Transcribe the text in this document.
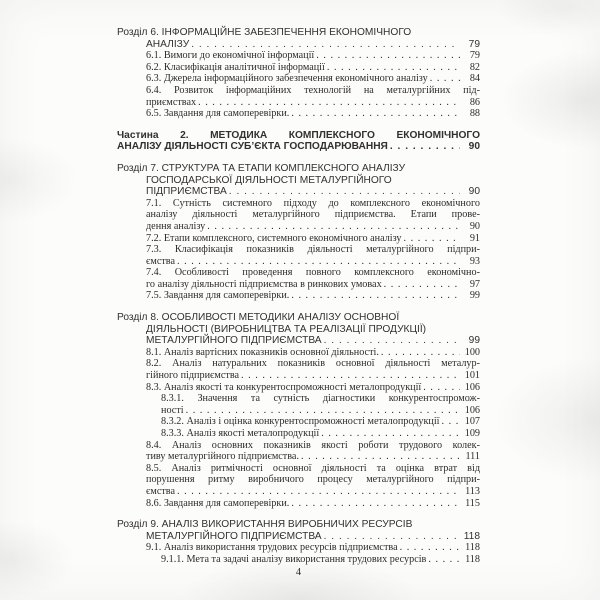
Розділ 6. ІНФОРМАЦІЙНЕ ЗАБЕЗПЕЧЕННЯ ЕКОНОМІЧНОГО
АНАЛІЗУ . . .	79
6.1. Вимоги до економічної інформації . . .	79
6.2. Класифікація аналітичної інформації . . .	82
6.3. Джерела інформаційного забезпечення економічного аналізу . . .	84
6.4. Розвиток інформаційних технологій на металургійних під-
приємствах . . .	86
6.5. Завдання для самоперевірки. . . .	88
Частина 2. МЕТОДИКА КОМПЛЕКСНОГО ЕКОНОМІЧНОГО
АНАЛІЗУ ДІЯЛЬНОСТІ СУБ’ЄКТА ГОСПОДАРЮВАННЯ . . .	90
Розділ 7. СТРУКТУРА ТА ЕТАПИ КОМПЛЕКСНОГО АНАЛІЗУ
ГОСПОДАРСЬКОЇ ДІЯЛЬНОСТІ МЕТАЛУРГІЙНОГО
ПІДПРИЄМСТВА . . .	90
7.1. Сутність системного підходу до комплексного економічного
аналізу діяльності металургійного підприємства. Етапи прове-
дення аналізу . . .	90
7.2. Етапи комплексного, системного економічного аналізу . . .	91
7.3. Класифікація показників діяльності металургійного підпри-
ємства . . .	93
7.4. Особливості проведення повного комплексного економічно-
го аналізу діяльності підприємства в ринкових умовах . . .	97
7.5. Завдання для самоперевірки. . . .	99
Розділ 8. ОСОБЛИВОСТІ МЕТОДИКИ АНАЛІЗУ ОСНОВНОЇ
ДІЯЛЬНОСТІ (ВИРОБНИЦТВА ТА РЕАЛІЗАЦІЇ ПРОДУКЦІЇ)
МЕТАЛУРГІЙНОГО ПІДПРИЄМСТВА . . .	99
8.1. Аналіз вартісних показників основної діяльності. . . .	100
8.2. Аналіз натуральних показників основної діяльності металур-
гійного підприємства . . .	101
8.3. Аналіз якості та конкурентоспроможності металопродукції . . .	106
8.3.1. Значення та сутність діагностики конкурентоспромож-
ності . . .	106
8.3.2. Аналіз і оцінка конкурентоспроможності металопродукції . . .	107
8.3.3. Аналіз якості металопродукції . . .	109
8.4. Аналіз основних показників якості роботи трудового колек-
тиву металургійного підприємства. . . .	111
8.5. Аналіз ритмічності основної діяльності та оцінка втрат від
порушення ритму виробничого процесу металургійного підпри-
ємства . . .	113
8.6. Завдання для самоперевірки. . . .	115
Розділ 9. АНАЛІЗ ВИКОРИСТАННЯ ВИРОБНИЧИХ РЕСУРСІВ
МЕТАЛУРГІЙНОГО ПІДПРИЄМСТВА . . .	118
9.1. Аналіз використання трудових ресурсів підприємства . . .	118
9.1.1. Мета та задачі аналізу використання трудових ресурсів . . .	118
4
